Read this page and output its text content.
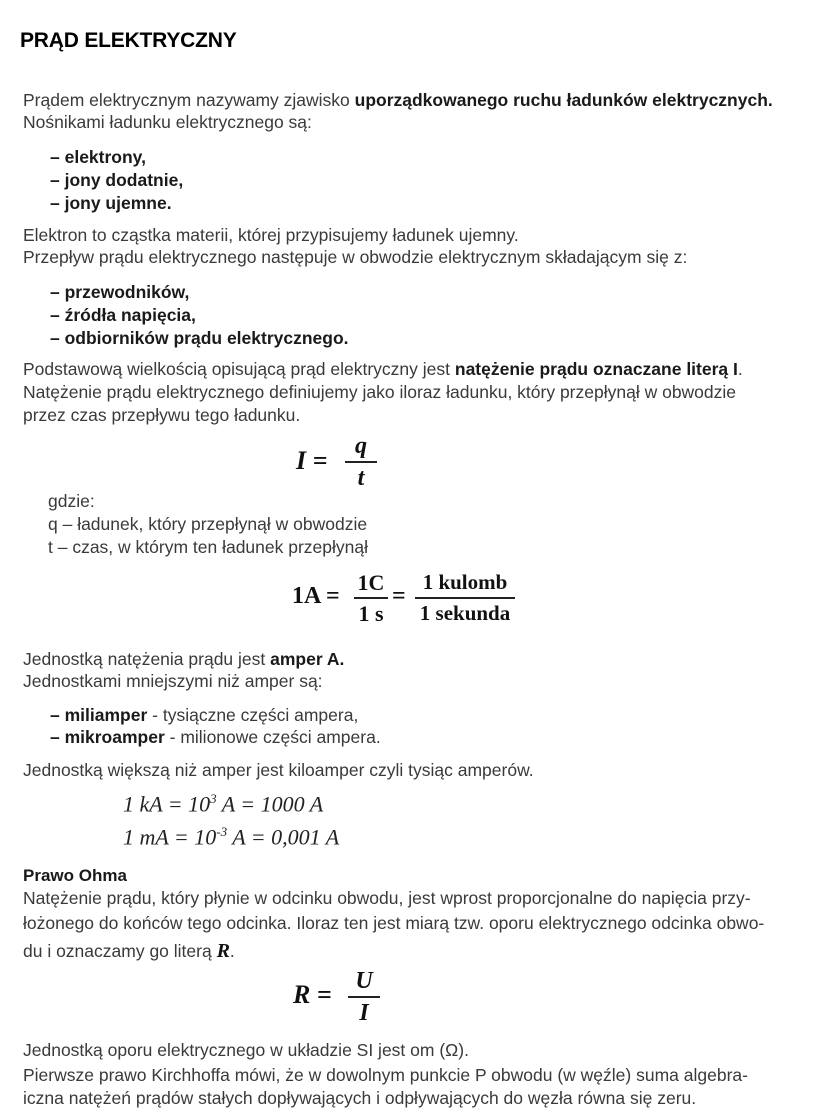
PRĄD ELEKTRYCZNY
Prądem elektrycznym nazywamy zjawisko uporządkowanego ruchu ładunków elektrycznych.
Nośnikami ładunku elektrycznego są:
– elektrony,
– jony dodatnie,
– jony ujemne.
Elektron to cząstka materii, której przypisujemy ładunek ujemny.
Przepływ prądu elektrycznego następuje w obwodzie elektrycznym składającym się z:
– przewodników,
– źródła napięcia,
– odbiorników prądu elektrycznego.
Podstawową wielkością opisującą prąd elektryczny jest natężenie prądu oznaczane literą I.
Natężenie prądu elektrycznego definiujemy jako iloraz ładunku, który przepłynął w obwodzie
przez czas przepływu tego ładunku.
I = q
t
gdzie:
q – ładunek, który przepłynął w obwodzie
t – czas, w którym ten ładunek przepłynął
1A =
1C
1 s
=
1 kulomb
1 sekunda
Jednostką natężenia prądu jest amper A.
Jednostkami mniejszymi niż amper są:
– miliamper - tysiączne części ampera,
– mikroamper - milionowe części ampera.
Jednostką większą niż amper jest kiloamper czyli tysiąc amperów.
1 kA = $10^3$ A = 1000 A
1 mA = $10^{-3}$ A = 0,001 A
Prawo Ohma
Natężenie prądu, który płynie w odcinku obwodu, jest wprost proporcjonalne do napięcia przy-
łożonego do końców tego odcinka. Iloraz ten jest miarą tzw. oporu elektrycznego odcinka obwo-
du i oznaczamy go literą R.
R = U
I
Jednostką oporu elektrycznego w układzie SI jest om (Ω).
Pierwsze prawo Kirchhoffa mówi, że w dowolnym punkcie P obwodu (w węźle) suma algebra-
iczna natężeń prądów stałych dopływających i odpływających do węzła równa się zeru.
